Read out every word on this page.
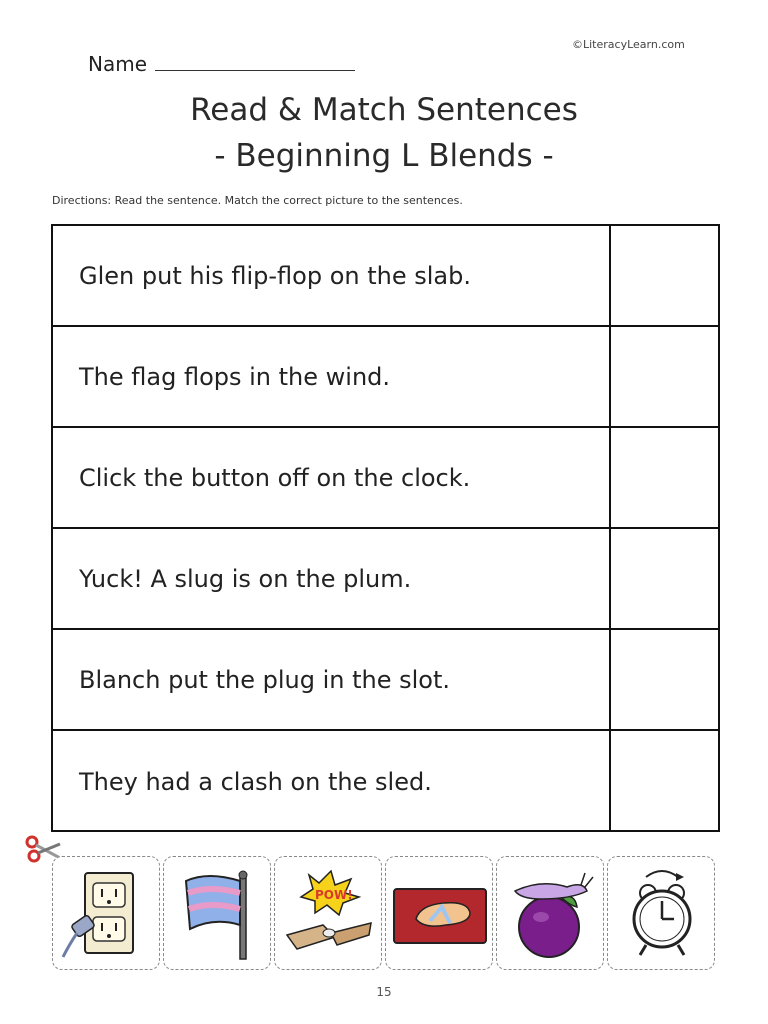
©LiteracyLearn.com
Name
Read & Match Sentences
- Beginning L Blends -
Directions: Read the sentence. Match the correct picture to the sentences.
Glen put his flip-flop on the slab.
The flag flops in the wind.
Click the button off on the clock.
Yuck! A slug is on the plum.
Blanch put the plug in the slot.
They had a clash on the sled.
POW!
15
